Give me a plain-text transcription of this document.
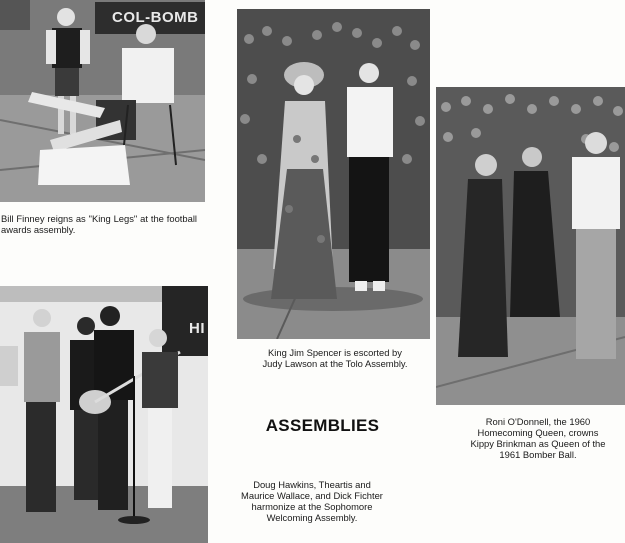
COL-BOMB
Bill Finney reigns as "King Legs" at the football awards assembly.
King Jim Spencer is escorted by Judy Lawson at the Tolo Assembly.
Roni O'Donnell, the 1960 Homecoming Queen, crowns Kippy Brinkman as Queen of the 1961 Bomber Ball.
HI
ASSEMBLIES
Doug Hawkins, Theartis and Maurice Wallace, and Dick Fichter harmonize at the Sophomore Welcoming Assembly.
